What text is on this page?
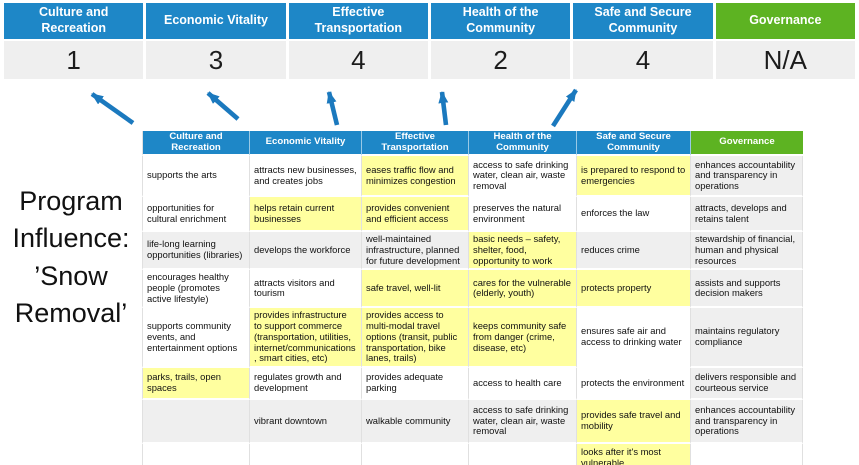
Culture and Recreation
1
Economic Vitality
3
Effective Transportation
4
Health of the Community
2
Safe and Secure Community
4
Governance
N/A
Program
Influence:
’Snow
Removal’
Culture and Recreation	Economic Vitality	Effective Transportation	Health of the Community	Safe and Secure Community	Governance
supports the arts	attracts new businesses, and creates jobs	eases traffic flow and minimizes congestion	access to safe drinking water, clean air, waste removal	is prepared to respond to emergencies	enhances accountability and transparency in operations
opportunities for cultural enrichment	helps retain current businesses	provides convenient and efficient access	preserves the natural environment	enforces the law	attracts, develops and retains talent
life-long learning opportunities (libraries)	develops the workforce	well-maintained infrastructure, planned for future development	basic needs – safety, shelter, food, opportunity to work	reduces crime	stewardship of financial, human and physical resources
encourages healthy people (promotes active lifestyle)	attracts visitors and tourism	safe travel, well-lit	cares for the vulnerable (elderly, youth)	protects property	assists and supports decision makers
supports community events, and entertainment options	provides infrastructure to support commerce (transportation, utilities, internet/communications, smart cities, etc)	provides access to multi-modal travel options (transit, public transportation, bike lanes, trails)	keeps community safe from danger (crime, disease, etc)	ensures safe air and access to drinking water	maintains regulatory compliance
parks, trails, open spaces	regulates growth and development	provides adequate parking	access to health care	protects the environment	delivers responsible and courteous service
	vibrant downtown	walkable community	access to safe drinking water, clean air, waste removal	provides safe travel and mobility	enhances accountability and transparency in operations
				looks after it's most vulnerable	
